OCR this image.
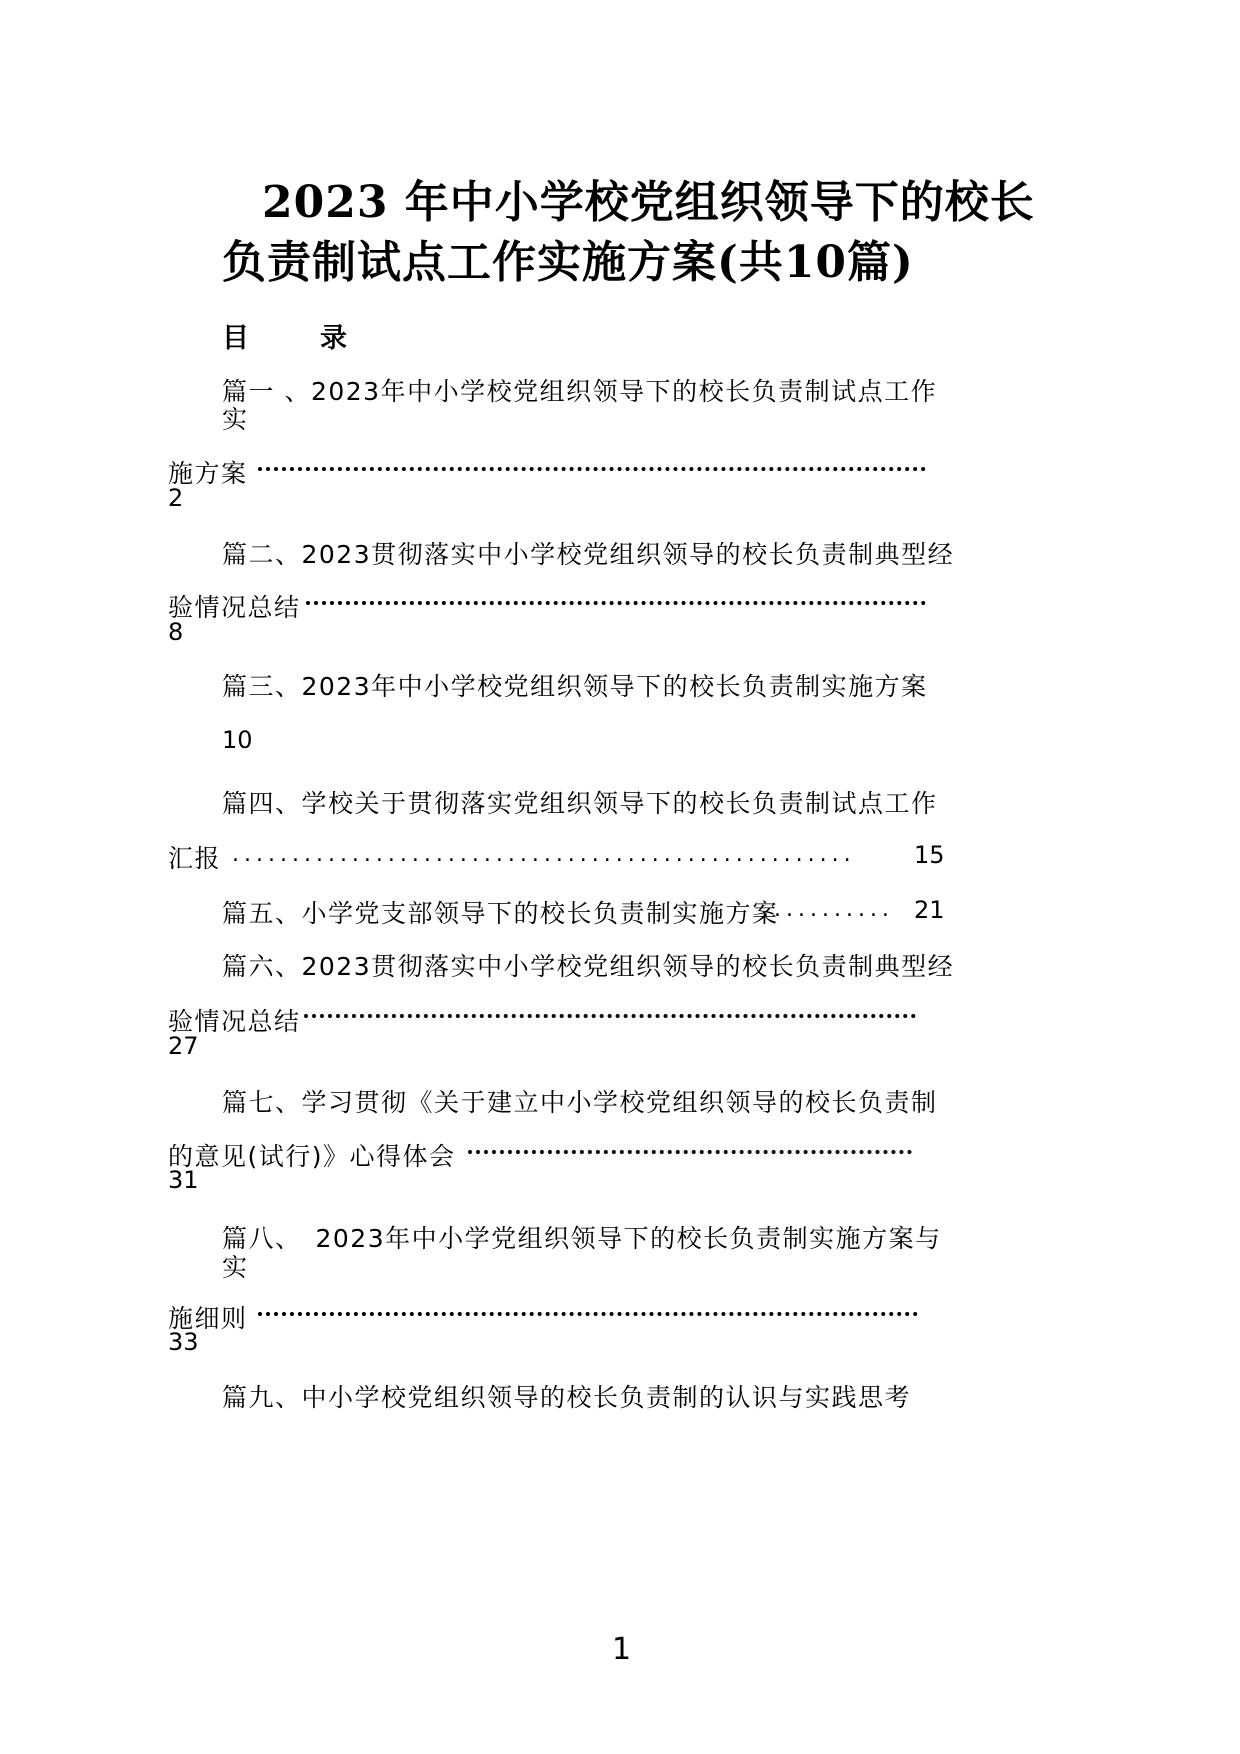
2023 年中小学校党组织领导下的校长
负责制试点工作实施方案(共10篇)
目　录
篇一 、2023年中小学校党组织领导下的校长负责制试点工作
实
施方案
2
篇二、2023贯彻落实中小学校党组织领导的校长负责制典型经
验情况总结
8
篇三、2023年中小学校党组织领导下的校长负责制实施方案
10
篇四、学校关于贯彻落实党组织领导下的校长负责制试点工作
汇报 .................................................... 15
篇五、小学党支部领导下的校长负责制实施方案
........... 21
篇六、2023贯彻落实中小学校党组织领导的校长负责制典型经
验情况总结
27
篇七、学习贯彻《关于建立中小学校党组织领导的校长负责制
的意见(试行)》心得体会
31
篇八、　2023年中小学党组织领导下的校长负责制实施方案与
实
施细则
33
篇九、中小学校党组织领导的校长负责制的认识与实践思考
1
